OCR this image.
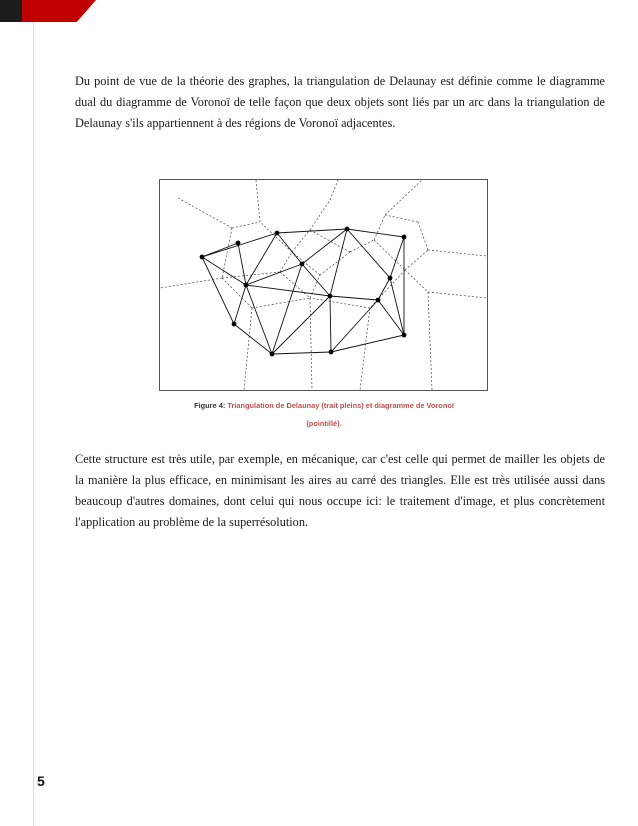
Du point de vue de la théorie des graphes, la triangulation de Delaunay est définie comme le diagramme dual du diagramme de Voronoï de telle façon que deux objets sont liés par un arc dans la triangulation de Delaunay s'ils appartiennent à des régions de Voronoï adjacentes.

Figure 4: Triangulation de Delaunay (trait pleins) et diagramme de Voronoï
(pointillé).

Cette structure est très utile, par exemple, en mécanique, car c'est celle qui permet de mailler les objets de la manière la plus efficace, en minimisant les aires au carré des triangles. Elle est très utilisée aussi dans beaucoup d'autres domaines, dont celui qui nous occupe ici: le traitement d'image, et plus concrètement l'application au problème de la superrésolution.

5
